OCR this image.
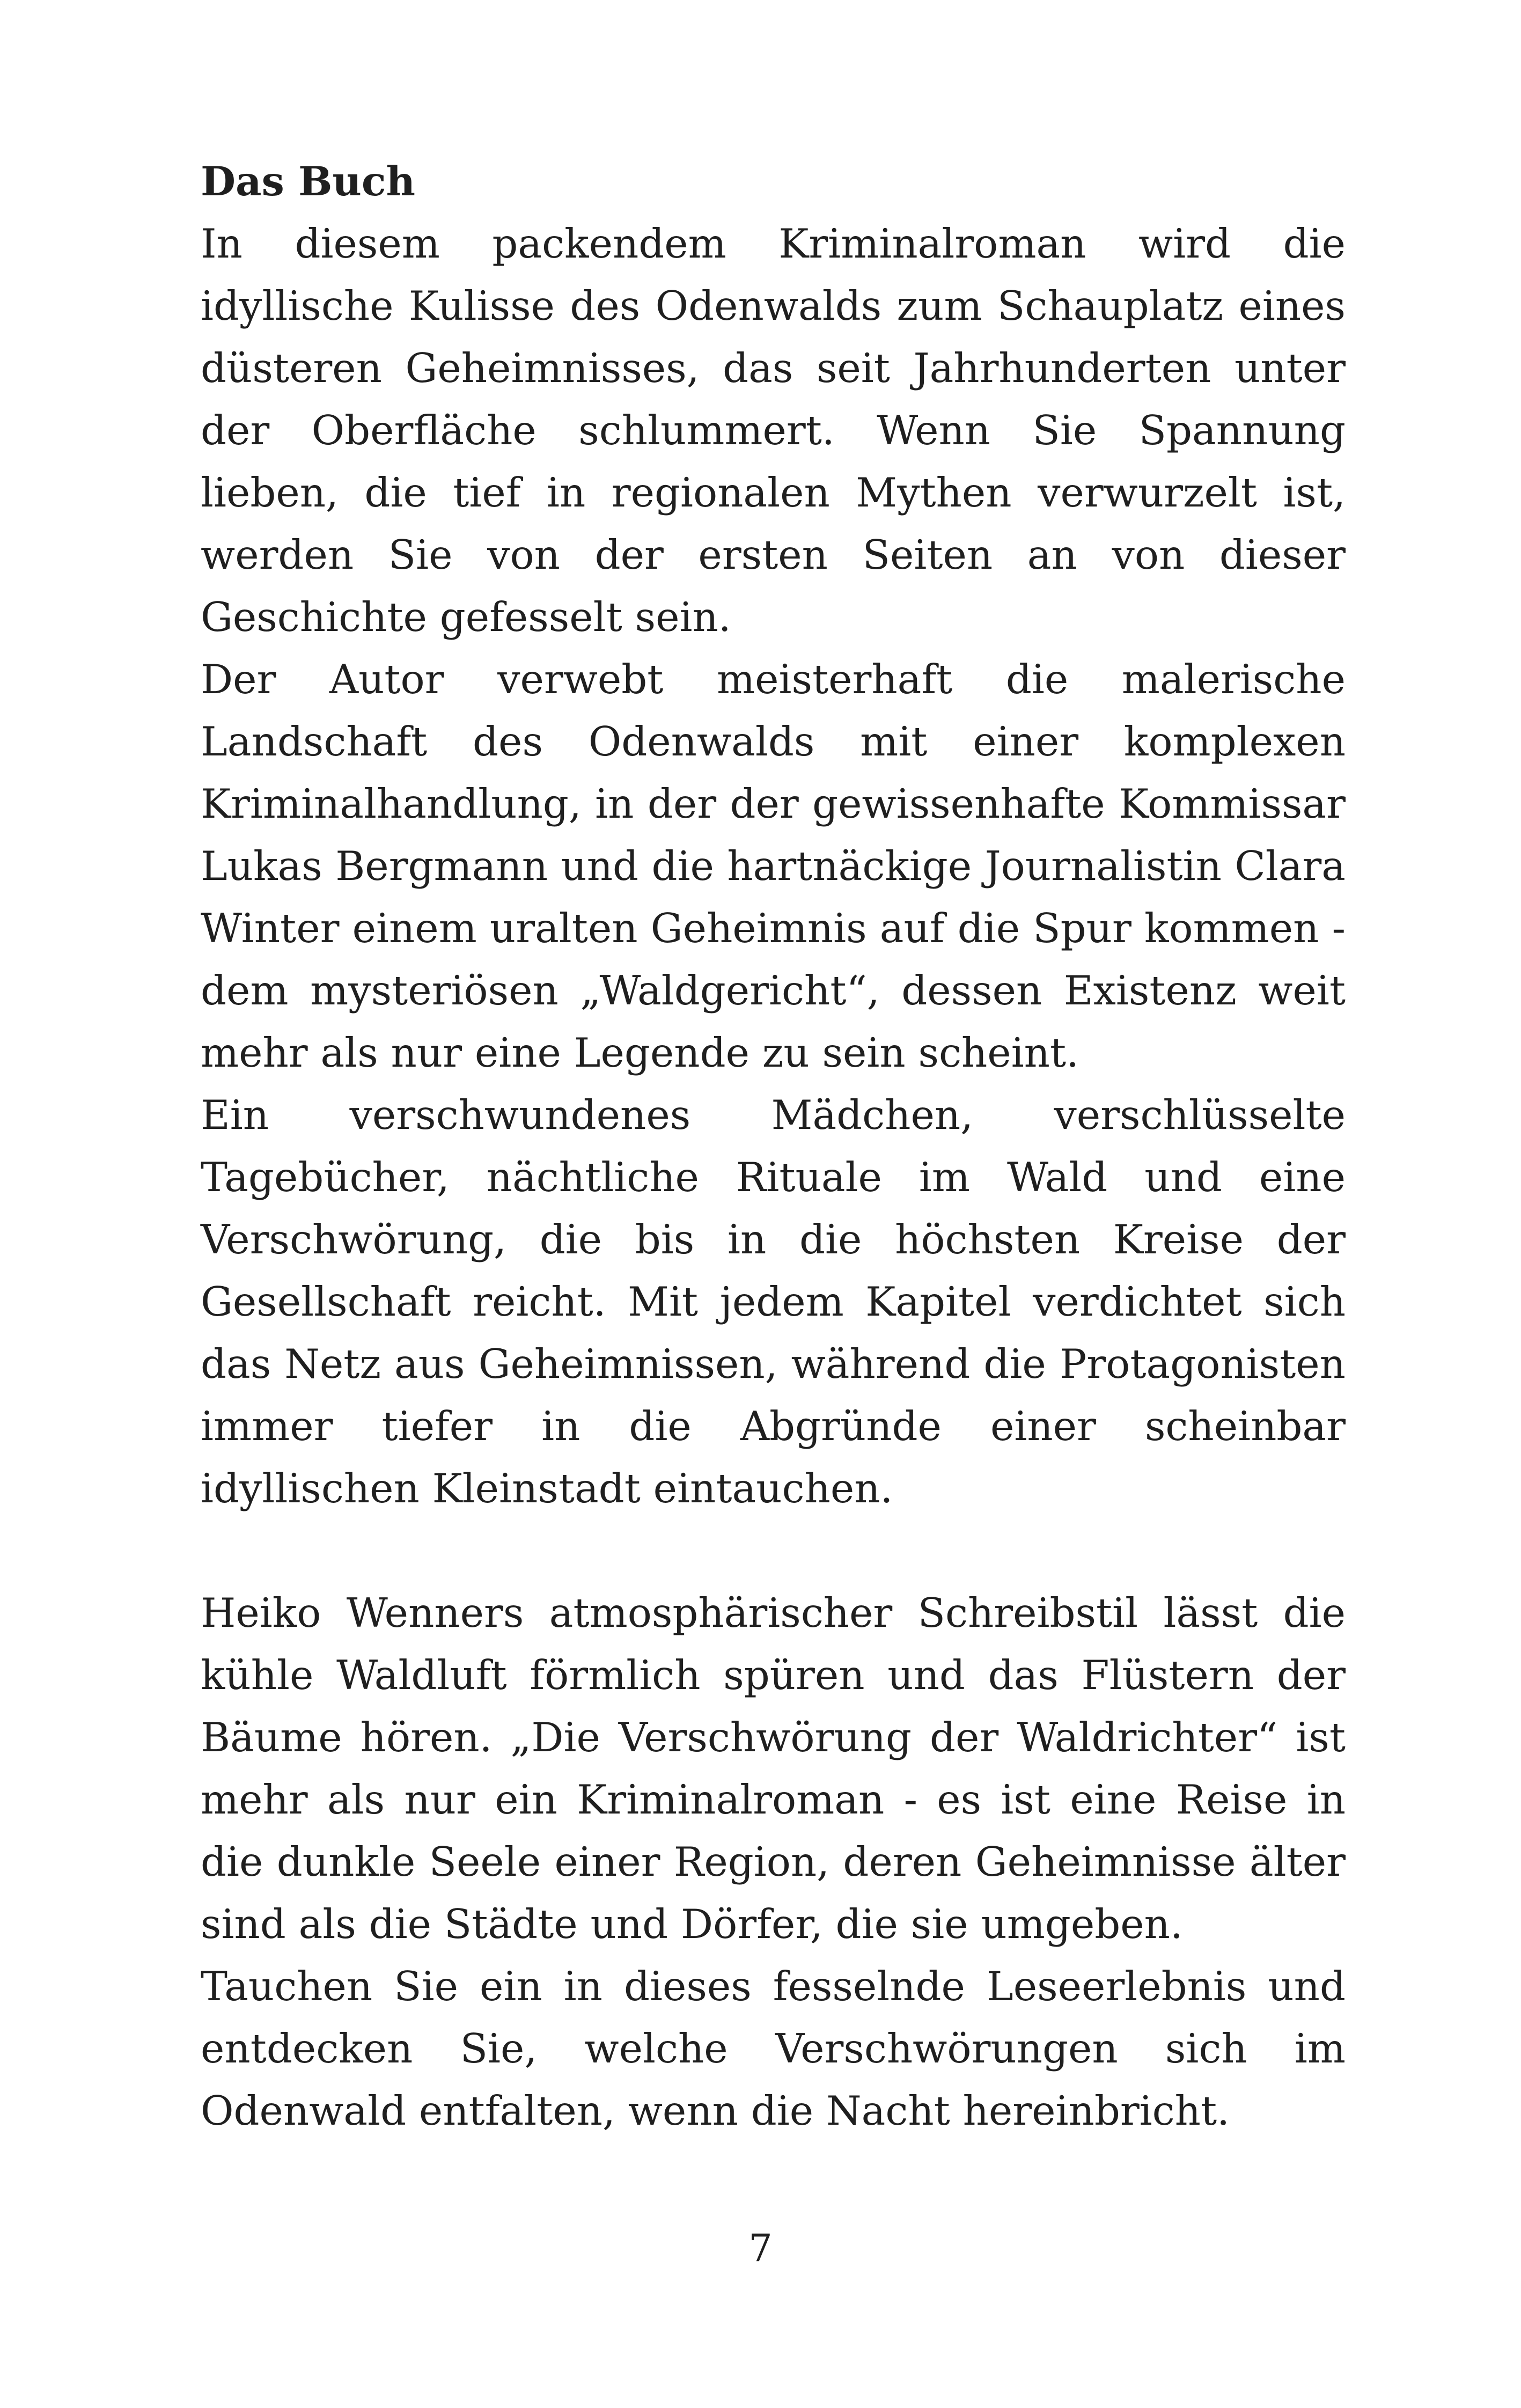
Das Buch

In diesem packendem Kriminalroman wird die idyllische Kulisse des Odenwalds zum Schauplatz eines düsteren Geheimnisses, das seit Jahrhunderten unter der Oberfläche schlummert. Wenn Sie Spannung lieben, die tief in regionalen Mythen verwurzelt ist, werden Sie von der ersten Seiten an von dieser Geschichte gefesselt sein.

Der Autor verwebt meisterhaft die malerische Landschaft des Odenwalds mit einer komplexen Kriminalhandlung, in der der gewissenhafte Kommissar Lukas Bergmann und die hartnäckige Journalistin Clara Winter einem uralten Geheimnis auf die Spur kommen - dem mysteriösen „Waldgericht“, dessen Existenz weit mehr als nur eine Legende zu sein scheint.

Ein verschwundenes Mädchen, verschlüsselte Tagebücher, nächtliche Rituale im Wald und eine Verschwörung, die bis in die höchsten Kreise der Gesellschaft reicht. Mit jedem Kapitel verdichtet sich das Netz aus Geheimnissen, während die Protagonisten immer tiefer in die Abgründe einer scheinbar idyllischen Kleinstadt eintauchen.

Heiko Wenners atmosphärischer Schreibstil lässt die kühle Waldluft förmlich spüren und das Flüstern der Bäume hören. „Die Verschwörung der Waldrichter“ ist mehr als nur ein Kriminalroman - es ist eine Reise in die dunkle Seele einer Region, deren Geheimnisse älter sind als die Städte und Dörfer, die sie umgeben.

Tauchen Sie ein in dieses fesselnde Leseerlebnis und entdecken Sie, welche Verschwörungen sich im Odenwald entfalten, wenn die Nacht hereinbricht.

7
